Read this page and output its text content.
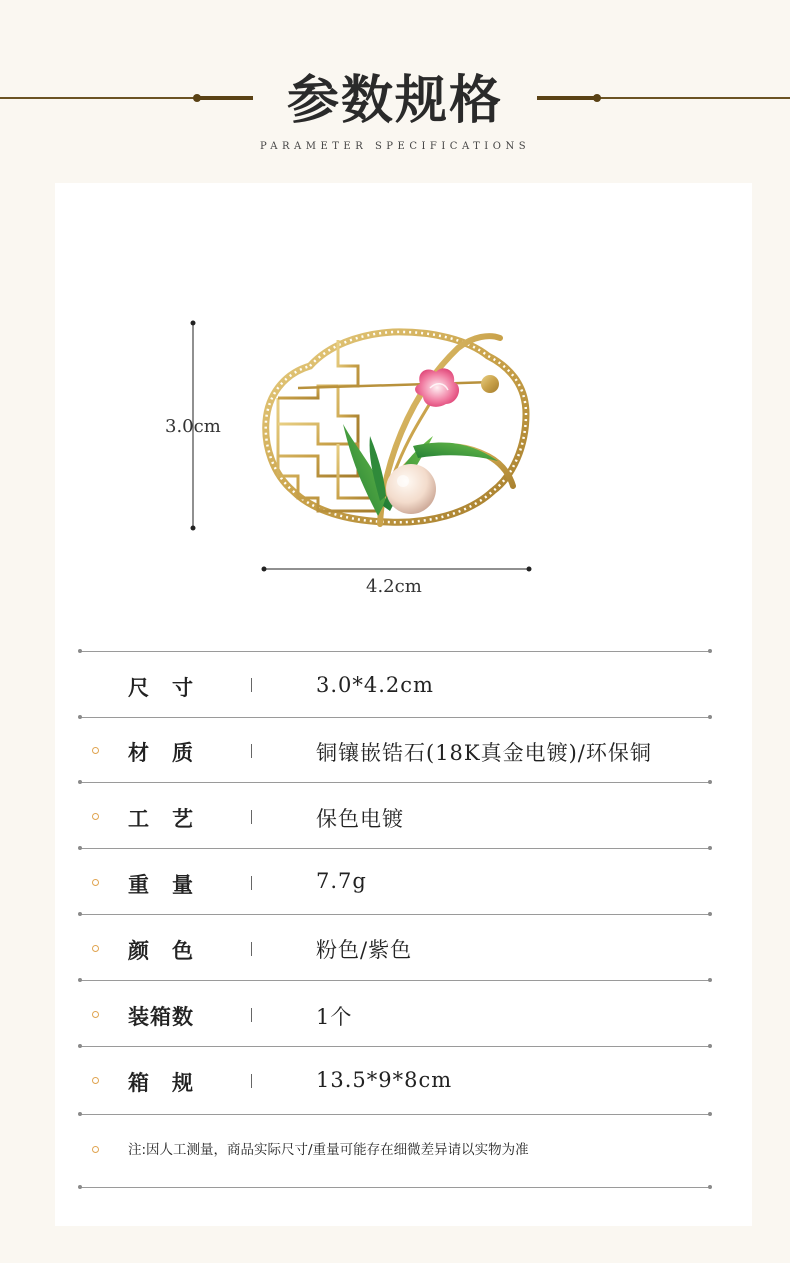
参数规格
PARAMETER SPECIFICATIONS
3.0cm
4.2cm
尺　寸	3.0*4.2cm
材　质	铜镶嵌锆石(18K真金电镀)/环保铜
工　艺	保色电镀
重　量	7.7g
颜　色	粉色/紫色
装箱数	1个
箱　规	13.5*9*8cm
注:因人工测量，商品实际尺寸/重量可能存在细微差异请以实物为准
